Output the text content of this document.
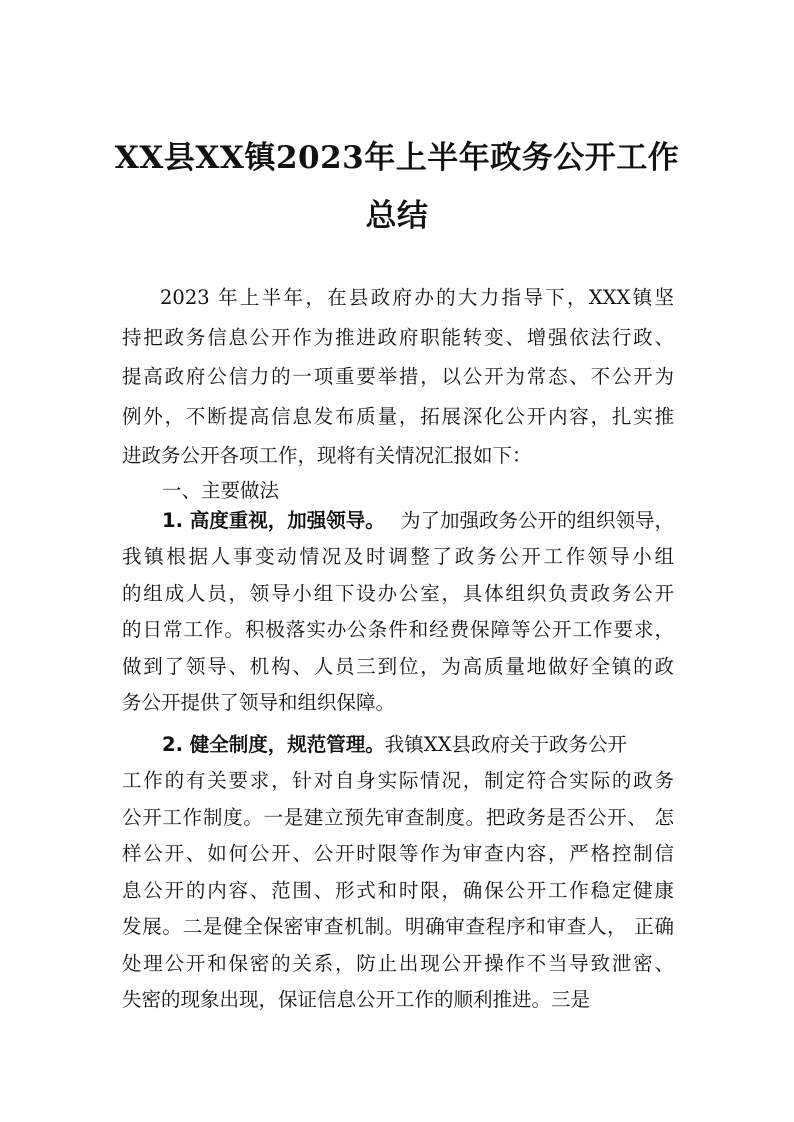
XX县XX镇2023年上半年政务公开工作
总结
2023 年上半年，在县政府办的大力指导下，XXX镇坚
持把政务信息公开作为推进政府职能转变、增强依法行政、
提高政府公信力的一项重要举措，以公开为常态、不公开为
例外，不断提高信息发布质量，拓展深化公开内容，扎实推
进政务公开各项工作，现将有关情况汇报如下：
一、主要做法
1. 高度重视，加强领导。 为了加强政务公开的组织领导，
我镇根据人事变动情况及时调整了政务公开工作领导小组
的组成人员，领导小组下设办公室，具体组织负责政务公开
的日常工作。积极落实办公条件和经费保障等公开工作要求，
做到了领导、机构、人员三到位，为高质量地做好全镇的政
务公开提供了领导和组织保障。
2. 健全制度，规范管理。我镇XX县政府关于政务公开
工作的有关要求，针对自身实际情况，制定符合实际的政务
公开工作制度。一是建立预先审查制度。把政务是否公开、 怎
样公开、如何公开、公开时限等作为审查内容，严格控制信
息公开的内容、范围、形式和时限，确保公开工作稳定健康
发展。二是健全保密审查机制。明确审查程序和审查人， 正确
处理公开和保密的关系，防止出现公开操作不当导致泄密、
失密的现象出现，保证信息公开工作的顺利推进。三是
